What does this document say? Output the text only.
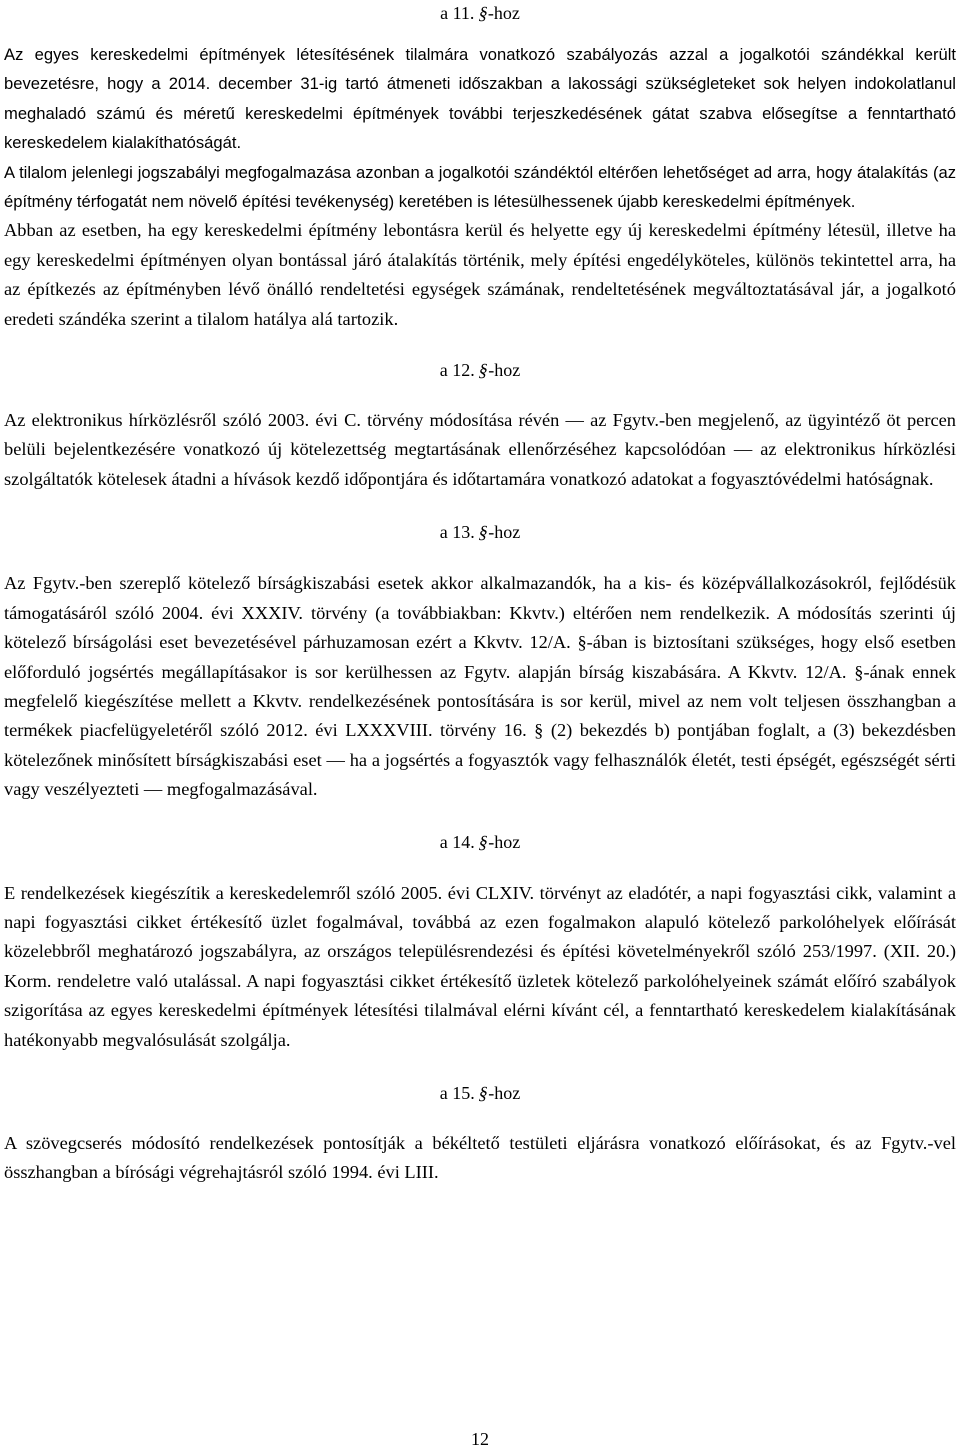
a 11. §-hoz

Az egyes kereskedelmi építmények létesítésének tilalmára vonatkozó szabályozás azzal a jogalkotói szándékkal került bevezetésre, hogy a 2014. december 31-ig tartó átmeneti időszakban a lakossági szükségleteket sok helyen indokolatlanul meghaladó számú és méretű kereskedelmi építmények további terjeszkedésének gátat szabva elősegítse a fenntartható kereskedelem kialakíthatóságát.

A tilalom jelenlegi jogszabályi megfogalmazása azonban a jogalkotói szándéktól eltérően lehetőséget ad arra, hogy átalakítás (az építmény térfogatát nem növelő építési tevékenység) keretében is létesülhessenek újabb kereskedelmi építmények.

Abban az esetben, ha egy kereskedelmi építmény lebontásra kerül és helyette egy új kereskedelmi építmény létesül, illetve ha egy kereskedelmi építményen olyan bontással járó átalakítás történik, mely építési engedélyköteles, különös tekintettel arra, ha az építkezés az építményben lévő önálló rendeltetési egységek számának, rendeltetésének megváltoztatásával jár, a jogalkotó eredeti szándéka szerint a tilalom hatálya alá tartozik.

a 12. §-hoz

Az elektronikus hírközlésről szóló 2003. évi C. törvény módosítása révén — az Fgytv.-ben megjelenő, az ügyintéző öt percen belüli bejelentkezésére vonatkozó új kötelezettség megtartásának ellenőrzéséhez kapcsolódóan — az elektronikus hírközlési szolgáltatók kötelesek átadni a hívások kezdő időpontjára és időtartamára vonatkozó adatokat a fogyasztóvédelmi hatóságnak.

a 13. §-hoz

Az Fgytv.-ben szereplő kötelező bírságkiszabási esetek akkor alkalmazandók, ha a kis- és középvállalkozásokról, fejlődésük támogatásáról szóló 2004. évi XXXIV. törvény (a továbbiakban: Kkvtv.) eltérően nem rendelkezik. A módosítás szerinti új kötelező bírságolási eset bevezetésével párhuzamosan ezért a Kkvtv. 12/A. §-ában is biztosítani szükséges, hogy első esetben előforduló jogsértés megállapításakor is sor kerülhessen az Fgytv. alapján bírság kiszabására. A Kkvtv. 12/A. §-ának ennek megfelelő kiegészítése mellett a Kkvtv. rendelkezésének pontosítására is sor kerül, mivel az nem volt teljesen összhangban a termékek piacfelügyeletéről szóló 2012. évi LXXXVIII. törvény 16. § (2) bekezdés b) pontjában foglalt, a (3) bekezdésben kötelezőnek minősített bírságkiszabási eset — ha a jogsértés a fogyasztók vagy felhasználók életét, testi épségét, egészségét sérti vagy veszélyezteti — megfogalmazásával.

a 14. §-hoz

E rendelkezések kiegészítik a kereskedelemről szóló 2005. évi CLXIV. törvényt az eladótér, a napi fogyasztási cikk, valamint a napi fogyasztási cikket értékesítő üzlet fogalmával, továbbá az ezen fogalmakon alapuló kötelező parkolóhelyek előírását közelebbről meghatározó jogszabályra, az országos településrendezési és építési követelményekről szóló 253/1997. (XII. 20.) Korm. rendeletre való utalással. A napi fogyasztási cikket értékesítő üzletek kötelező parkolóhelyeinek számát előíró szabályok szigorítása az egyes kereskedelmi építmények létesítési tilalmával elérni kívánt cél, a fenntartható kereskedelem kialakításának hatékonyabb megvalósulását szolgálja.

a 15. §-hoz

A szövegcserés módosító rendelkezések pontosítják a békéltető testületi eljárásra vonatkozó előírásokat, és az Fgytv.-vel összhangban a bírósági végrehajtásról szóló 1994. évi LIII.

12
